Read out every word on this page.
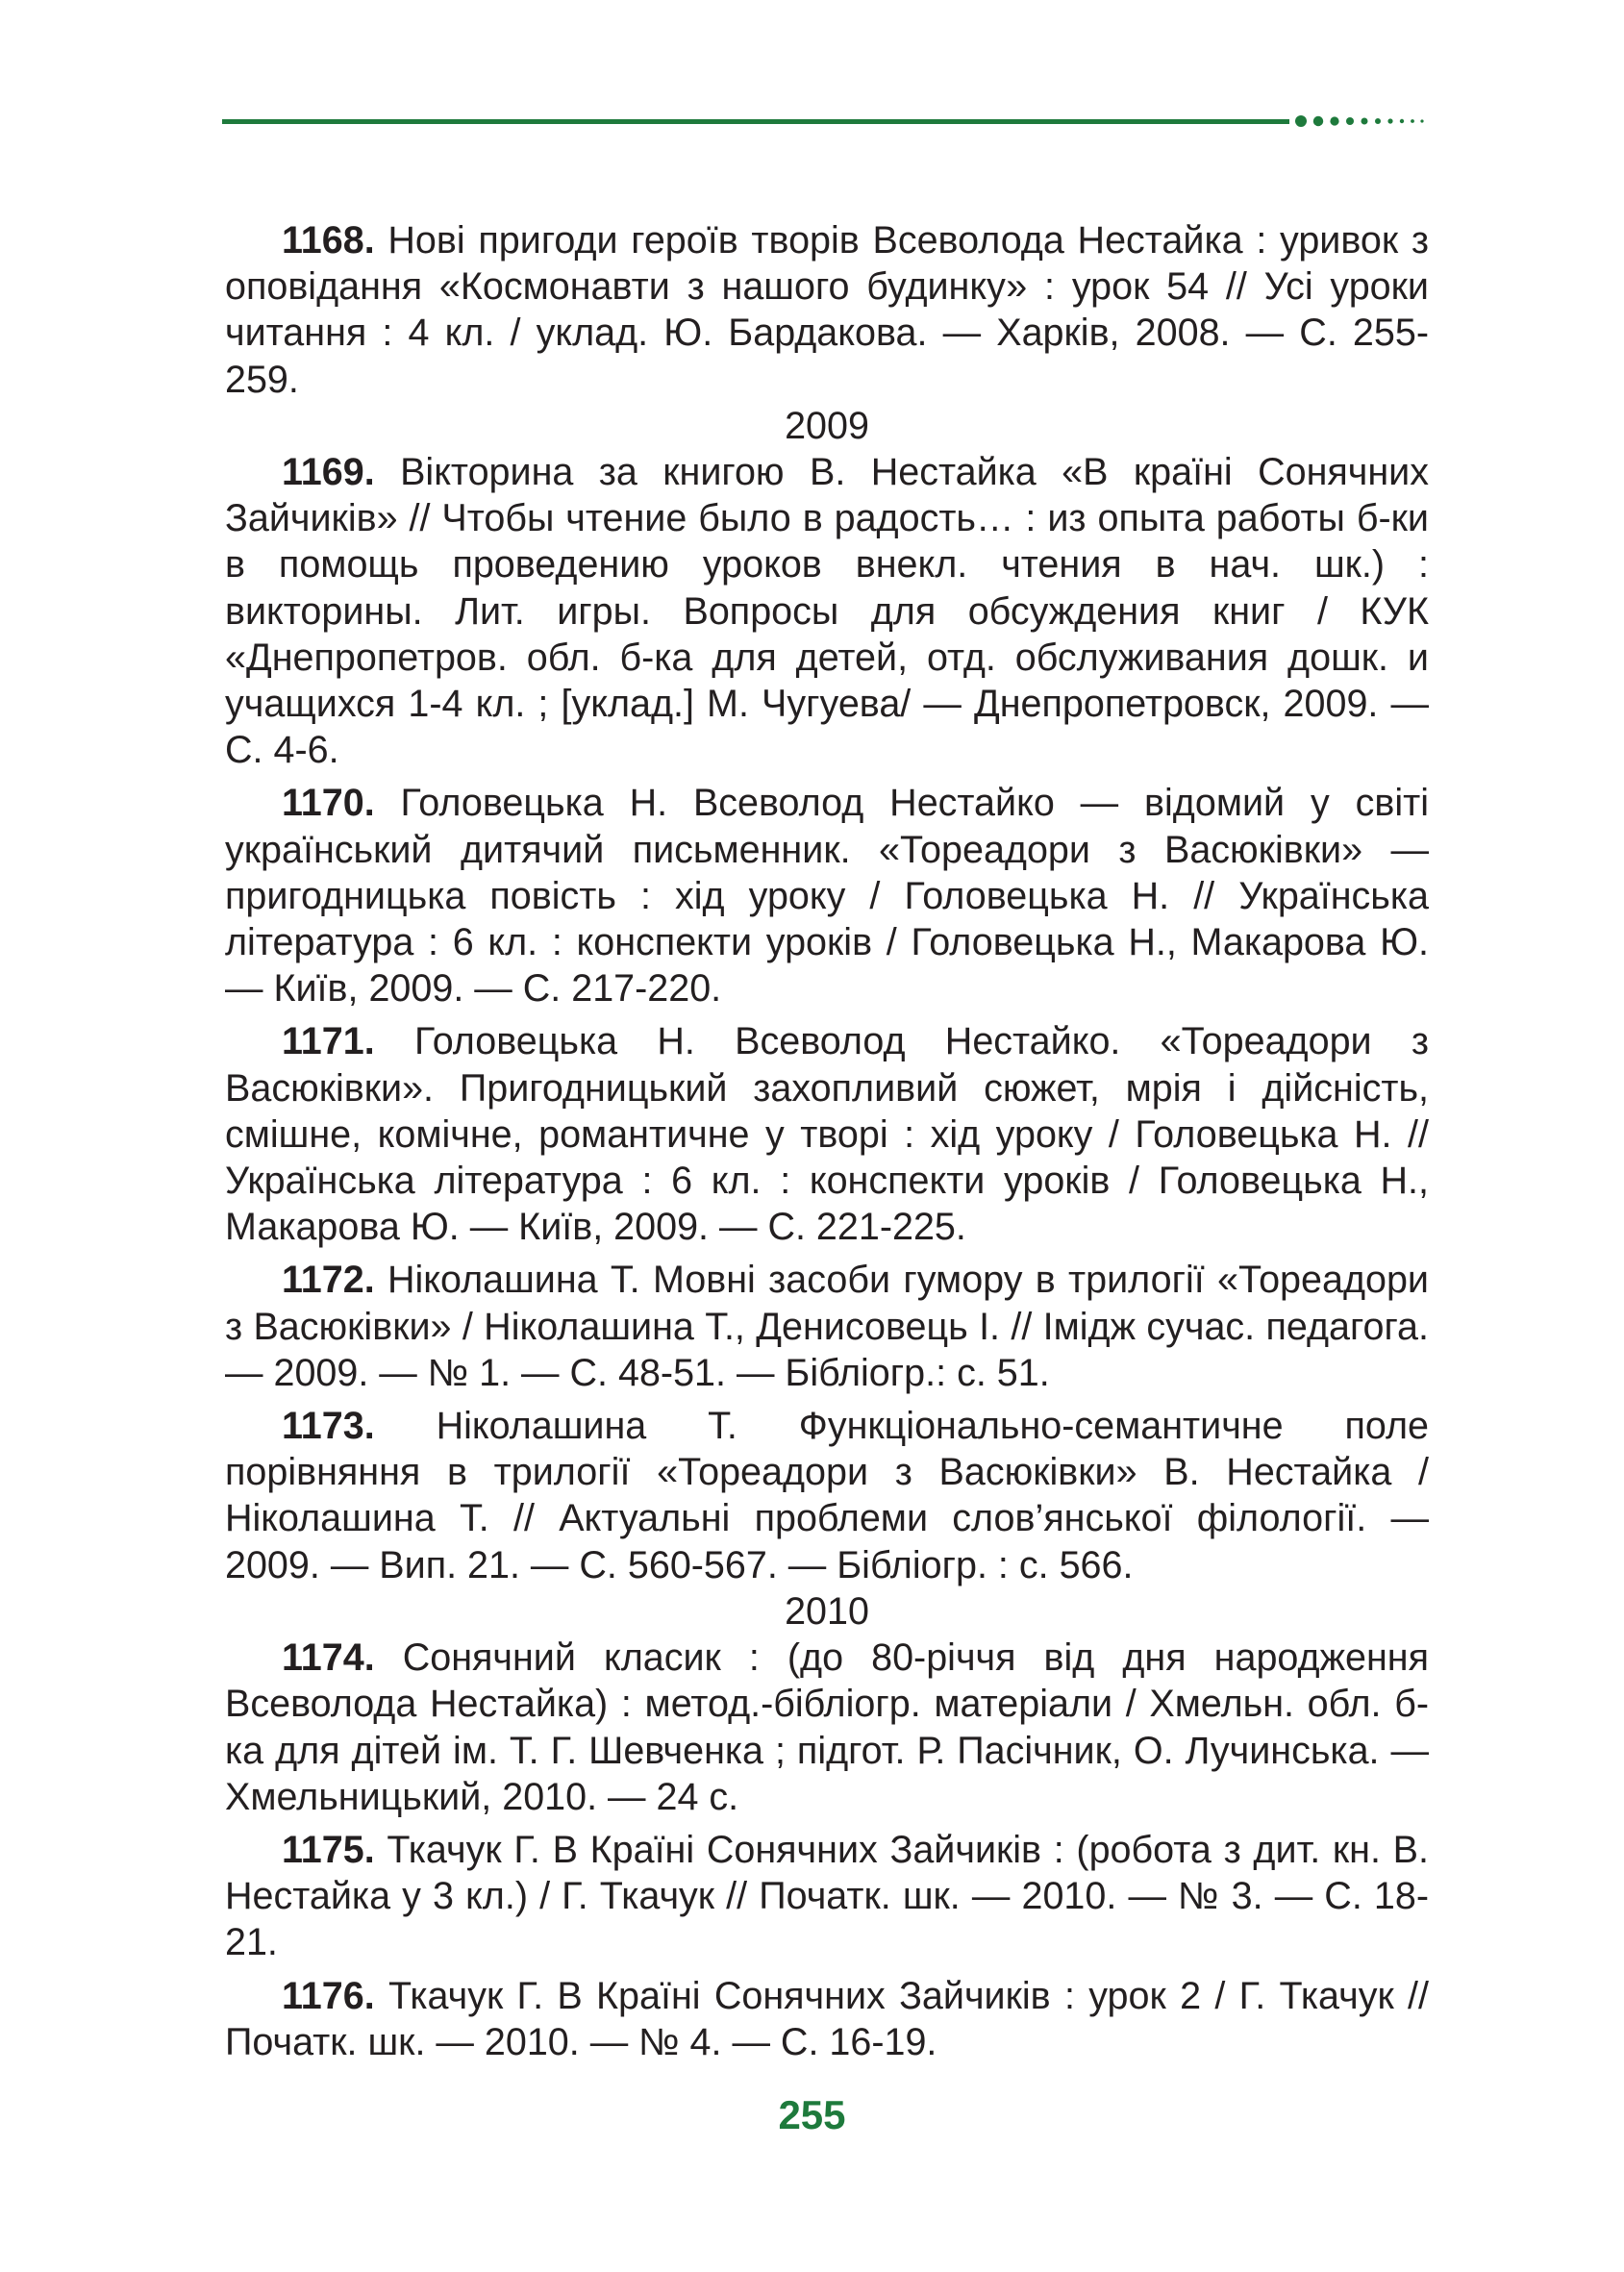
1168. Нові пригоди героїв творів Всеволода Нестайка : уривок з оповідання «Космонавти з нашого будинку» : урок 54 // Усі уроки читання : 4 кл. / уклад. Ю. Бардакова. — Харків, 2008. — С. 255-259.

2009

1169. Вікторина за книгою В. Нестайка «В країні Сонячних Зайчиків» // Чтобы чтение было в радость… : из опыта работы б-ки в помощь проведению уроков внекл. чтения в нач. шк.) : викторины. Лит. игры. Вопросы для обсуждения книг / КУК «Днепропетров. обл. б-ка для детей, отд. обслуживания дошк. и учащихся 1-4 кл. ; [уклад.] М. Чугуева/ — Днепропетровск, 2009. — С. 4-6.

1170. Головецька Н. Всеволод Нестайко — відомий у світі український дитячий письменник. «Тореадори з Васюківки» — пригодницька повість : хід уроку / Головецька Н. // Українська література : 6 кл. : конспекти уроків / Головецька Н., Макарова Ю. — Київ, 2009. — С. 217-220.

1171. Головецька Н. Всеволод Нестайко. «Тореадори з Васюківки». Пригодницький захопливий сюжет, мрія і дійсність, смішне, комічне, романтичне у творі : хід уроку / Головецька Н. // Українська література : 6 кл. : конспекти уроків / Головецька Н., Макарова Ю. — Київ, 2009. — С. 221-225.

1172. Ніколашина Т. Мовні засоби гумору в трилогії «Тореадори з Васюківки» / Ніколашина Т., Денисовець І. // Імідж сучас. педагога. — 2009. — № 1. — С. 48-51. — Бібліогр.: с. 51.

1173. Ніколашина Т. Функціонально-семантичне поле порівняння в трилогії «Тореадори з Васюківки» В. Нестайка / Ніколашина Т. // Актуальні проблеми слов’янської філології. — 2009. — Вип. 21. — С. 560-567. — Бібліогр. : с. 566.

2010

1174. Сонячний класик : (до 80-річчя від дня народження Всеволода Нестайка) : метод.-бібліогр. матеріали / Хмельн. обл. б-ка для дітей ім. Т. Г. Шевченка ; підгот. Р. Пасічник, О. Лучинська. — Хмельницький, 2010. — 24 с.

1175. Ткачук Г. В Країні Сонячних Зайчиків : (робота з дит. кн. В. Нестайка у 3 кл.) / Г. Ткачук // Початк. шк. — 2010. — № 3. — С. 18-21.

1176. Ткачук Г. В Країні Сонячних Зайчиків : урок 2 / Г. Ткачук // Початк. шк. — 2010. — № 4. — С. 16-19.

255
